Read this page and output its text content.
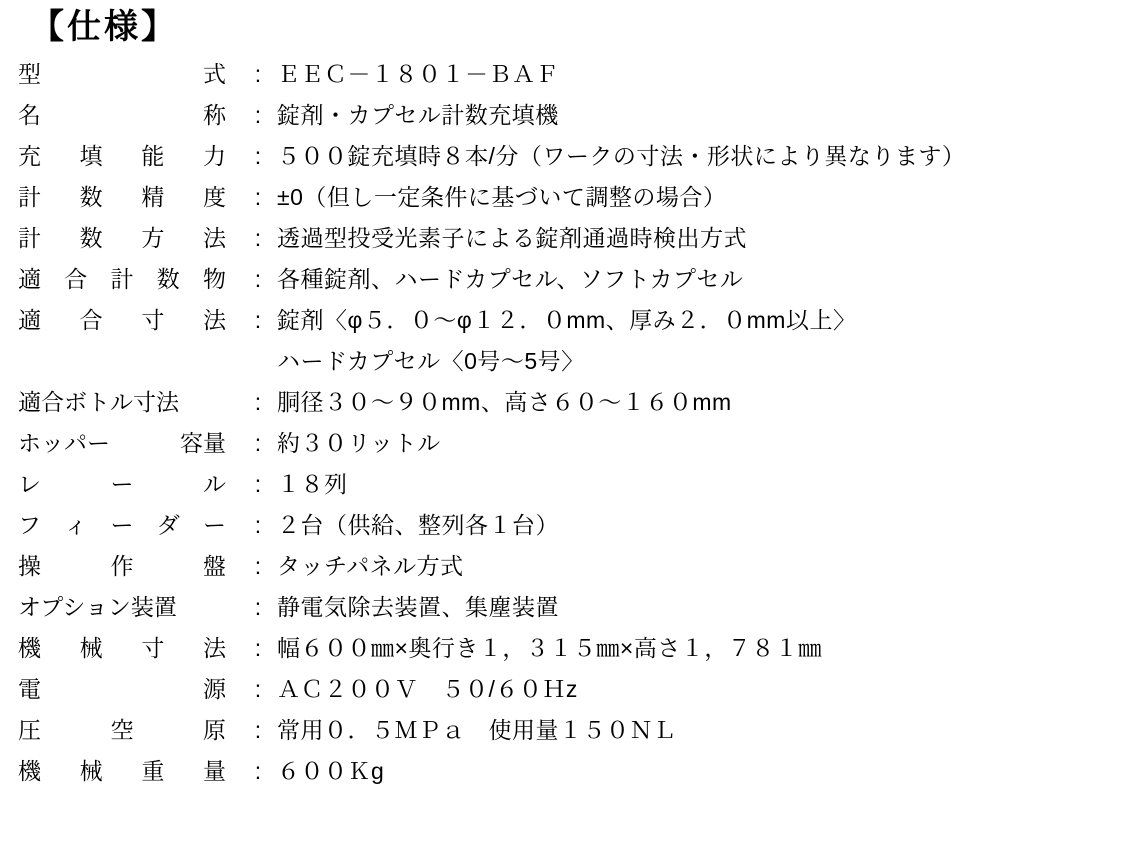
【仕様】
型 式	:	ＥＥＣ－１８０１－ＢＡＦ

名 称	:	錠剤・カプセル計数充填機

充 填 能 力	:	５００錠充填時８本/分（ワークの寸法・形状により異なります）

計 数 精 度	:	±0（但し一定条件に基づいて調整の場合）

計 数 方 法	:	透過型投受光素子による錠剤通過時検出方式

適 合 計 数 物	:	各種錠剤、ハードカプセル、ソフトカプセル

適 合 寸 法	:	錠剤〈φ５．０～φ１２．０mm、厚み２．０mm以上〉
		ハードカプセル〈0号～5号〉

適合ボトル寸法	:	胴径３０～９０mm、高さ６０～１６０mm

ホッパー 容量	:	約３０リットル

レ ー ル	:	１８列

フ ィ ー ダ ー	:	２台（供給、整列各１台）

操 作 盤	:	タッチパネル方式

オプション装置	:	静電気除去装置、集塵装置

機 械 寸 法	:	幅６００㎜×奥行き１，３１５㎜×高さ１，７８１㎜

電 源	:	ＡＣ２００Ｖ　５０/６０Ｈz

圧 空 原	:	常用０．５ＭＰａ　使用量１５０ＮＬ

機 械 重 量	:	６００Ｋg
